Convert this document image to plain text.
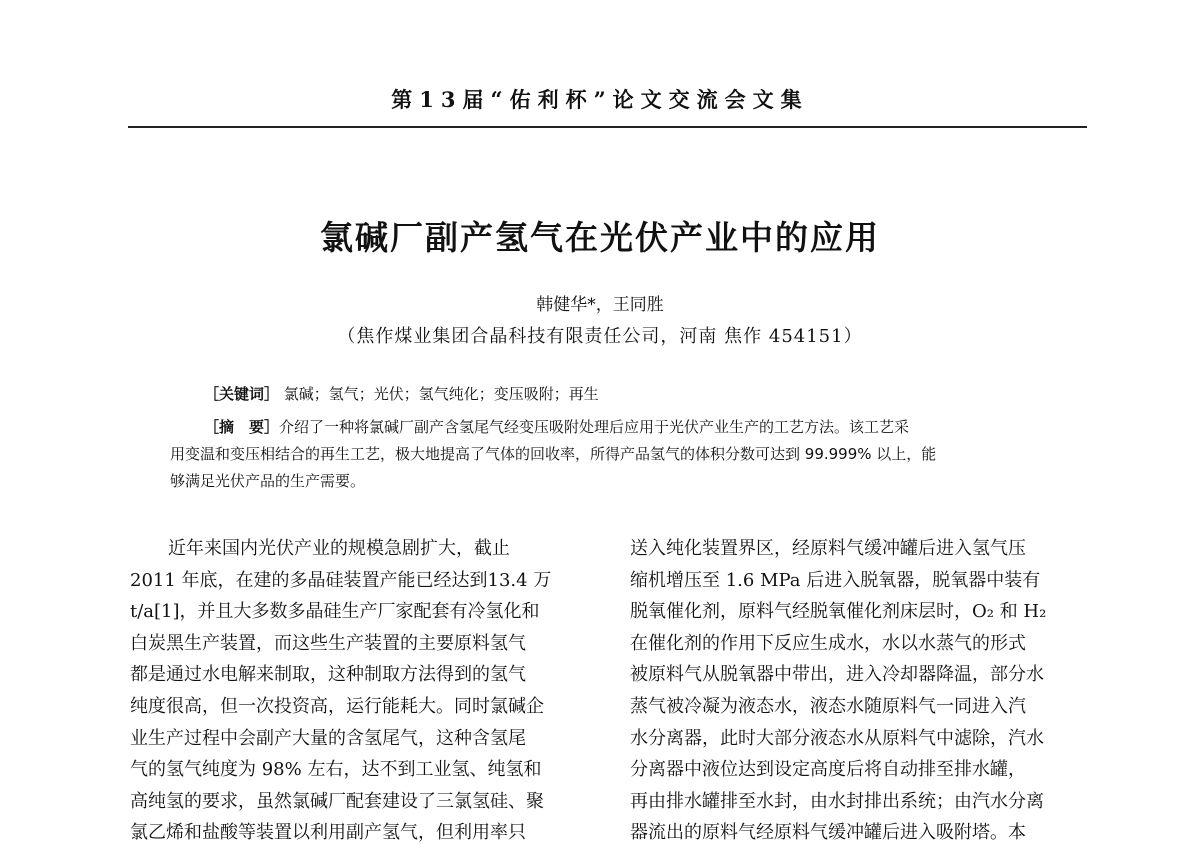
第13届“佑利杯”论文交流会文集
氯碱厂副产氢气在光伏产业中的应用
韩健华*，王同胜
（焦作煤业集团合晶科技有限责任公司，河南 焦作 454151）
［关键词］ 氯碱；氢气；光伏；氢气纯化；变压吸附；再生
［摘　要］介绍了一种将氯碱厂副产含氢尾气经变压吸附处理后应用于光伏产业生产的工艺方法。该工艺采
用变温和变压相结合的再生工艺，极大地提高了气体的回收率，所得产品氢气的体积分数可达到 99.999% 以上，能
够满足光伏产品的生产需要。
近年来国内光伏产业的规模急剧扩大，截止
2011 年底，在建的多晶硅装置产能已经达到13.4 万
t/a[1]，并且大多数多晶硅生产厂家配套有冷氢化和
白炭黑生产装置，而这些生产装置的主要原料氢气
都是通过水电解来制取，这种制取方法得到的氢气
纯度很高，但一次投资高，运行能耗大。同时氯碱企
业生产过程中会副产大量的含氢尾气，这种含氢尾
气的氢气纯度为 98% 左右，达不到工业氢、纯氢和
高纯氢的要求，虽然氯碱厂配套建设了三氯氢硅、聚
氯乙烯和盐酸等装置以利用副产氢气，但利用率只
送入纯化装置界区，经原料气缓冲罐后进入氢气压
缩机增压至 1.6 MPa 后进入脱氧器，脱氧器中装有
脱氧催化剂，原料气经脱氧催化剂床层时，O₂ 和 H₂
在催化剂的作用下反应生成水，水以水蒸气的形式
被原料气从脱氧器中带出，进入冷却器降温，部分水
蒸气被冷凝为液态水，液态水随原料气一同进入汽
水分离器，此时大部分液态水从原料气中滤除，汽水
分离器中液位达到设定高度后将自动排至排水罐，
再由排水罐排至水封，由水封排出系统；由汽水分离
器流出的原料气经原料气缓冲罐后进入吸附塔。本
